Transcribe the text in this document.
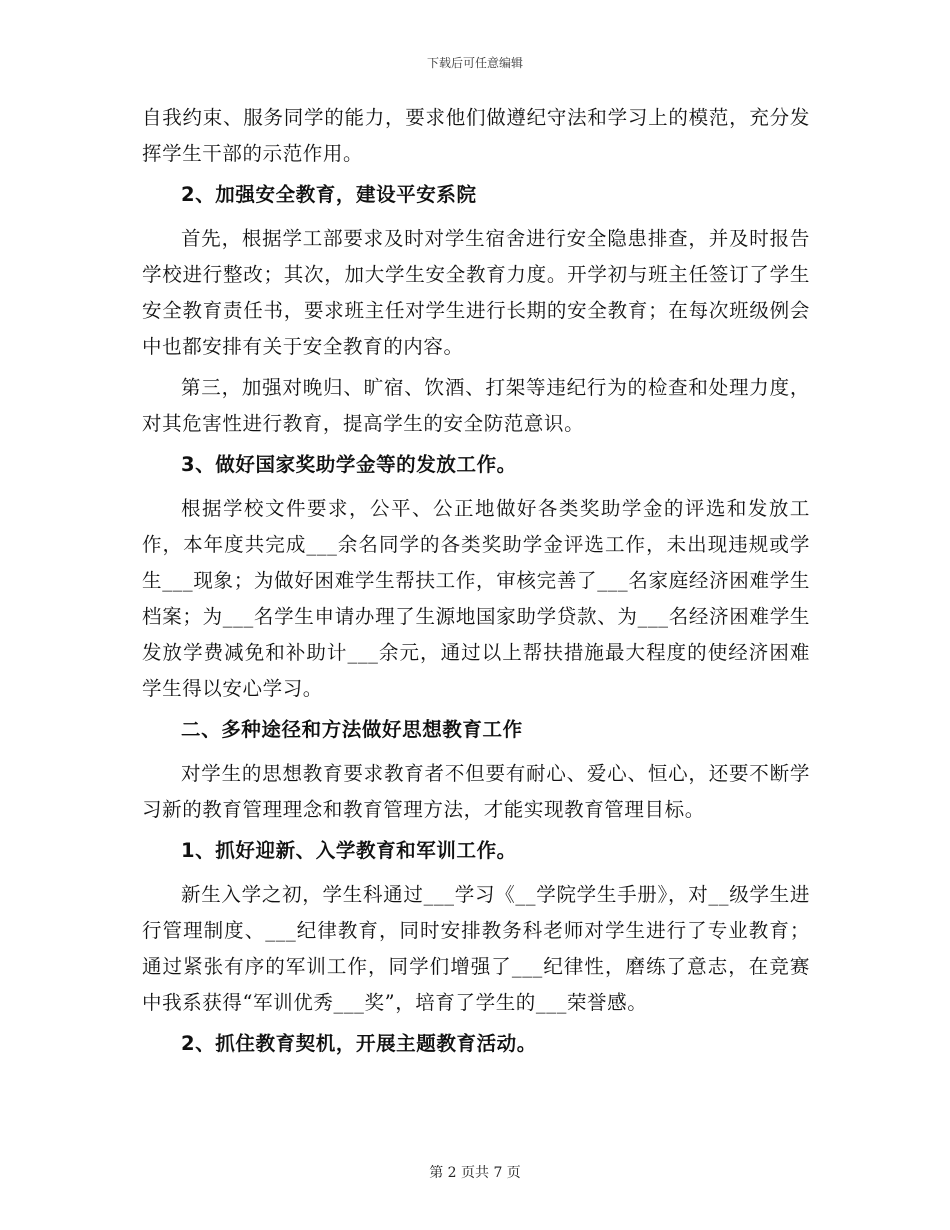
下载后可任意编辑

自我约束、服务同学的能力，要求他们做遵纪守法和学习上的模范，充分发挥学生干部的示范作用。

2、加强安全教育，建设平安系院

首先，根据学工部要求及时对学生宿舍进行安全隐患排查，并及时报告学校进行整改；其次，加大学生安全教育力度。开学初与班主任签订了学生安全教育责任书，要求班主任对学生进行长期的安全教育；在每次班级例会中也都安排有关于安全教育的内容。

第三，加强对晚归、旷宿、饮酒、打架等违纪行为的检查和处理力度，对其危害性进行教育，提高学生的安全防范意识。

3、做好国家奖助学金等的发放工作。

根据学校文件要求，公平、公正地做好各类奖助学金的评选和发放工作，本年度共完成___余名同学的各类奖助学金评选工作，未出现违规或学生___现象；为做好困难学生帮扶工作，审核完善了___名家庭经济困难学生档案；为___名学生申请办理了生源地国家助学贷款、为___名经济困难学生发放学费减免和补助计___余元，通过以上帮扶措施最大程度的使经济困难学生得以安心学习。

二、多种途径和方法做好思想教育工作

对学生的思想教育要求教育者不但要有耐心、爱心、恒心，还要不断学习新的教育管理理念和教育管理方法，才能实现教育管理目标。

1、抓好迎新、入学教育和军训工作。

新生入学之初，学生科通过___学习《__学院学生手册》，对__级学生进行管理制度、___纪律教育，同时安排教务科老师对学生进行了专业教育；通过紧张有序的军训工作，同学们增强了___纪律性，磨练了意志，在竞赛中我系获得“军训优秀___奖”，培育了学生的___荣誉感。

2、抓住教育契机，开展主题教育活动。

第 2 页共 7 页
